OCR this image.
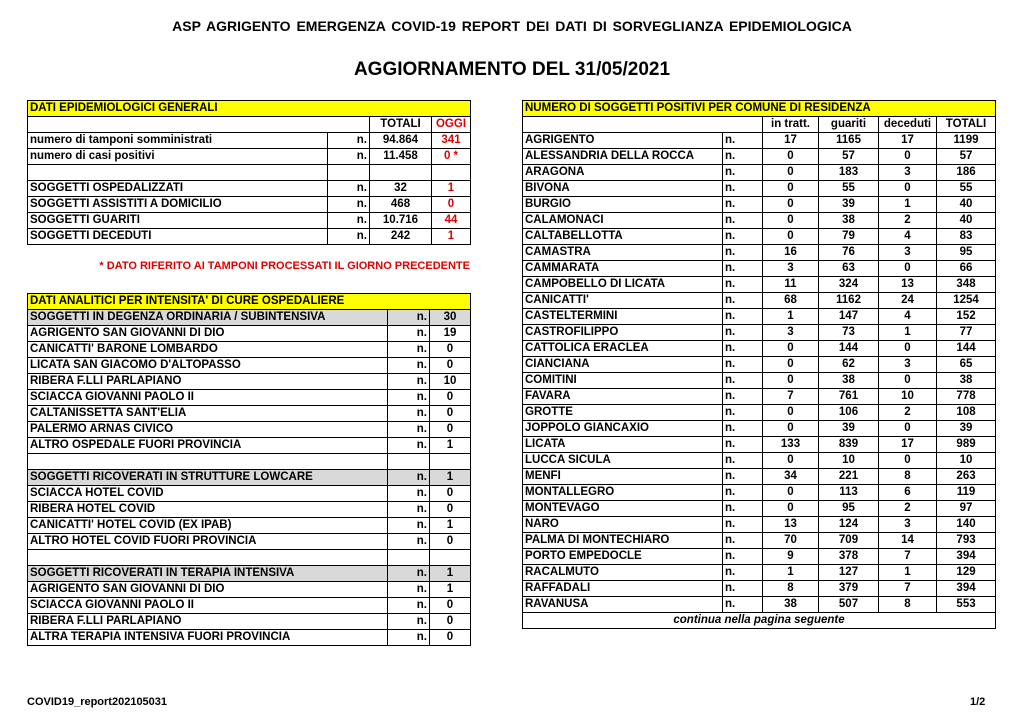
ASP AGRIGENTO EMERGENZA COVID-19 REPORT DEI DATI DI SORVEGLIANZA EPIDEMIOLOGICA
AGGIORNAMENTO DEL 31/05/2021
DATI EPIDEMIOLOGICI GENERALI			
		TOTALI	OGGI
numero di tamponi somministrati	n.	94.864	341
numero di casi positivi	n.	11.458	0 *

SOGGETTI OSPEDALIZZATI	n.	32	1
SOGGETTI ASSISTITI A DOMICILIO	n.	468	0
SOGGETTI GUARITI	n.	10.716	44
SOGGETTI DECEDUTI	n.	242	1
* DATO RIFERITO AI TAMPONI PROCESSATI IL GIORNO PRECEDENTE
DATI ANALITICI PER INTENSITA' DI CURE OSPEDALIERE		
SOGGETTI IN DEGENZA ORDINARIA / SUBINTENSIVA	n.	30
AGRIGENTO SAN GIOVANNI DI DIO	n.	19
CANICATTI' BARONE LOMBARDO	n.	0
LICATA SAN GIACOMO D'ALTOPASSO	n.	0
RIBERA F.LLI PARLAPIANO	n.	10
SCIACCA GIOVANNI PAOLO II	n.	0
CALTANISSETTA SANT'ELIA	n.	0
PALERMO ARNAS CIVICO	n.	0
ALTRO OSPEDALE FUORI PROVINCIA	n.	1

SOGGETTI RICOVERATI IN STRUTTURE LOWCARE	n.	1
SCIACCA HOTEL COVID	n.	0
RIBERA HOTEL COVID	n.	0
CANICATTI' HOTEL COVID (EX IPAB)	n.	1
ALTRO HOTEL COVID FUORI PROVINCIA	n.	0

SOGGETTI RICOVERATI IN TERAPIA INTENSIVA	n.	1
AGRIGENTO SAN GIOVANNI DI DIO	n.	1
SCIACCA GIOVANNI PAOLO II	n.	0
RIBERA F.LLI PARLAPIANO	n.	0
ALTRA TERAPIA INTENSIVA FUORI PROVINCIA	n.	0
NUMERO DI SOGGETTI POSITIVI PER COMUNE DI RESIDENZA					
		in tratt.	guariti	deceduti	TOTALI
AGRIGENTO	n.	17	1165	17	1199
ALESSANDRIA DELLA ROCCA	n.	0	57	0	57
ARAGONA	n.	0	183	3	186
BIVONA	n.	0	55	0	55
BURGIO	n.	0	39	1	40
CALAMONACI	n.	0	38	2	40
CALTABELLOTTA	n.	0	79	4	83
CAMASTRA	n.	16	76	3	95
CAMMARATA	n.	3	63	0	66
CAMPOBELLO DI LICATA	n.	11	324	13	348
CANICATTI'	n.	68	1162	24	1254
CASTELTERMINI	n.	1	147	4	152
CASTROFILIPPO	n.	3	73	1	77
CATTOLICA ERACLEA	n.	0	144	0	144
CIANCIANA	n.	0	62	3	65
COMITINI	n.	0	38	0	38
FAVARA	n.	7	761	10	778
GROTTE	n.	0	106	2	108
JOPPOLO GIANCAXIO	n.	0	39	0	39
LICATA	n.	133	839	17	989
LUCCA SICULA	n.	0	10	0	10
MENFI	n.	34	221	8	263
MONTALLEGRO	n.	0	113	6	119
MONTEVAGO	n.	0	95	2	97
NARO	n.	13	124	3	140
PALMA DI MONTECHIARO	n.	70	709	14	793
PORTO EMPEDOCLE	n.	9	378	7	394
RACALMUTO	n.	1	127	1	129
RAFFADALI	n.	8	379	7	394
RAVANUSA	n.	38	507	8	553
continua nella pagina seguente					
COVID19_report202105031	1/2
